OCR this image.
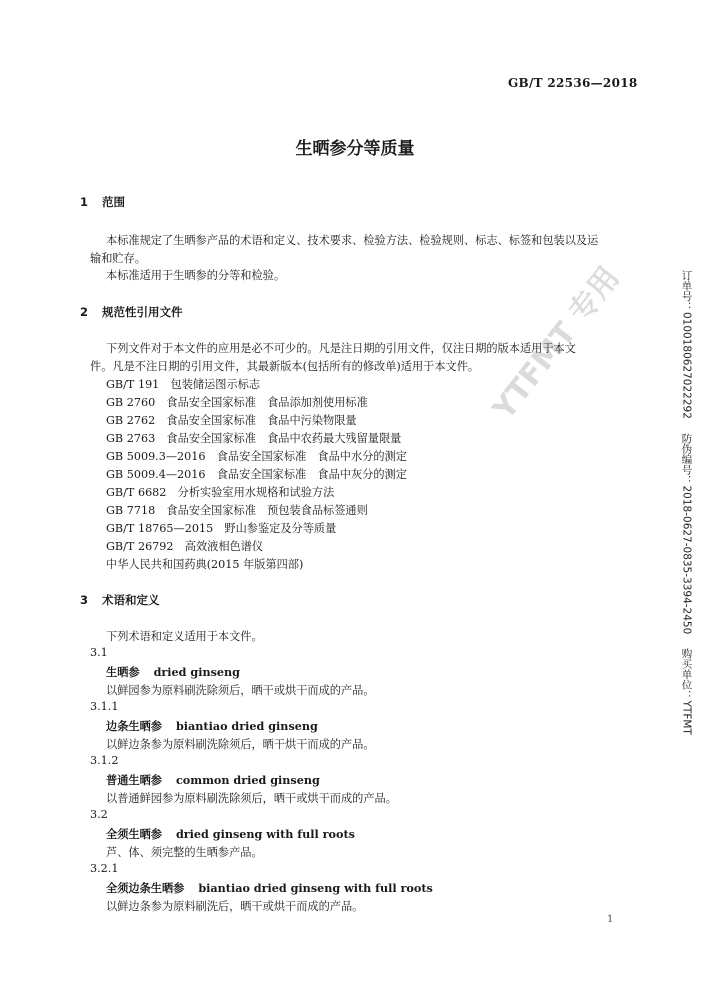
GB/T 22536—2018
生晒参分等质量
1 范围
本标准规定了生晒参产品的术语和定义、技术要求、检验方法、检验规则、标志、标签和包装以及运
输和贮存。
本标准适用于生晒参的分等和检验。
2 规范性引用文件
下列文件对于本文件的应用是必不可少的。凡是注日期的引用文件，仅注日期的版本适用于本文
件。凡是不注日期的引用文件，其最新版本(包括所有的修改单)适用于本文件。
GB/T 191　 包装储运图示标志
GB 2760　 食品安全国家标准　食品添加剂使用标准
GB 2762　 食品安全国家标准　食品中污染物限量
GB 2763　 食品安全国家标准　食品中农药最大残留量限量
GB 5009.3—2016　 食品安全国家标准　食品中水分的测定
GB 5009.4—2016　 食品安全国家标准　食品中灰分的测定
GB/T 6682　 分析实验室用水规格和试验方法
GB 7718　 食品安全国家标准　预包装食品标签通则
GB/T 18765—2015　 野山参鉴定及分等质量
GB/T 26792　 高效液相色谱仪
中华人民共和国药典(2015 年版第四部)
3 术语和定义
下列术语和定义适用于本文件。
3.1
生晒参 dried ginseng
以鲜园参为原料刷洗除须后，晒干或烘干而成的产品。
3.1.1
边条生晒参 biantiao dried ginseng
以鲜边条参为原料刷洗除须后，晒干烘干而成的产品。
3.1.2
普通生晒参 common dried ginseng
以普通鲜园参为原料刷洗除须后，晒干或烘干而成的产品。
3.2
全须生晒参 dried ginseng with full roots
芦、体、须完整的生晒参产品。
3.2.1
全须边条生晒参 biantiao dried ginseng with full roots
以鲜边条参为原料刷洗后，晒干或烘干而成的产品。
YTFMT 专用	订单号：0100180627022292
防伪编号：2018-0627-0835-3394-2450
购买单位：YTFMT
1
